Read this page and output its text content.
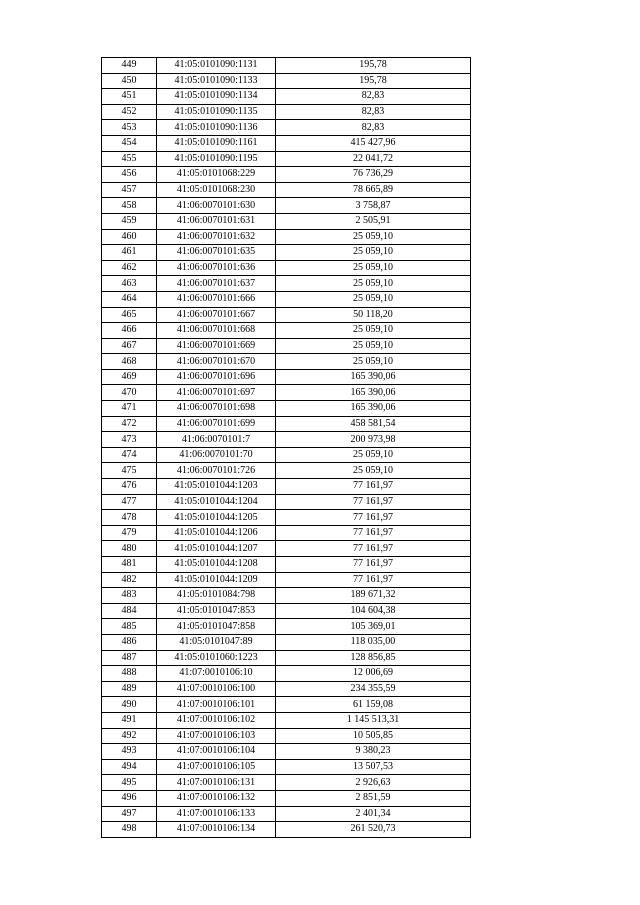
449	41:05:0101090:1131	195,78
450	41:05:0101090:1133	195,78
451	41:05:0101090:1134	82,83
452	41:05:0101090:1135	82,83
453	41:05:0101090:1136	82,83
454	41:05:0101090:1161	415 427,96
455	41:05:0101090:1195	22 041,72
456	41:05:0101068:229	76 736,29
457	41:05:0101068:230	78 665,89
458	41:06:0070101:630	3 758,87
459	41:06:0070101:631	2 505,91
460	41:06:0070101:632	25 059,10
461	41:06:0070101:635	25 059,10
462	41:06:0070101:636	25 059,10
463	41:06:0070101:637	25 059,10
464	41:06:0070101:666	25 059,10
465	41:06:0070101:667	50 118,20
466	41:06:0070101:668	25 059,10
467	41:06:0070101:669	25 059,10
468	41:06:0070101:670	25 059,10
469	41:06:0070101:696	165 390,06
470	41:06:0070101:697	165 390,06
471	41:06:0070101:698	165 390,06
472	41:06:0070101:699	458 581,54
473	41:06:0070101:7	200 973,98
474	41:06:0070101:70	25 059,10
475	41:06:0070101:726	25 059,10
476	41:05:0101044:1203	77 161,97
477	41:05:0101044:1204	77 161,97
478	41:05:0101044:1205	77 161,97
479	41:05:0101044:1206	77 161,97
480	41:05:0101044:1207	77 161,97
481	41:05:0101044:1208	77 161,97
482	41:05:0101044:1209	77 161,97
483	41:05:0101084:798	189 671,32
484	41:05:0101047:853	104 604,38
485	41:05:0101047:858	105 369,01
486	41:05:0101047:89	118 035,00
487	41:05:0101060:1223	128 856,85
488	41:07:0010106:10	12 006,69
489	41:07:0010106:100	234 355,59
490	41:07:0010106:101	61 159,08
491	41:07:0010106:102	1 145 513,31
492	41:07:0010106:103	10 505,85
493	41:07:0010106:104	9 380,23
494	41:07:0010106:105	13 507,53
495	41:07:0010106:131	2 926,63
496	41:07:0010106:132	2 851,59
497	41:07:0010106:133	2 401,34
498	41:07:0010106:134	261 520,73
